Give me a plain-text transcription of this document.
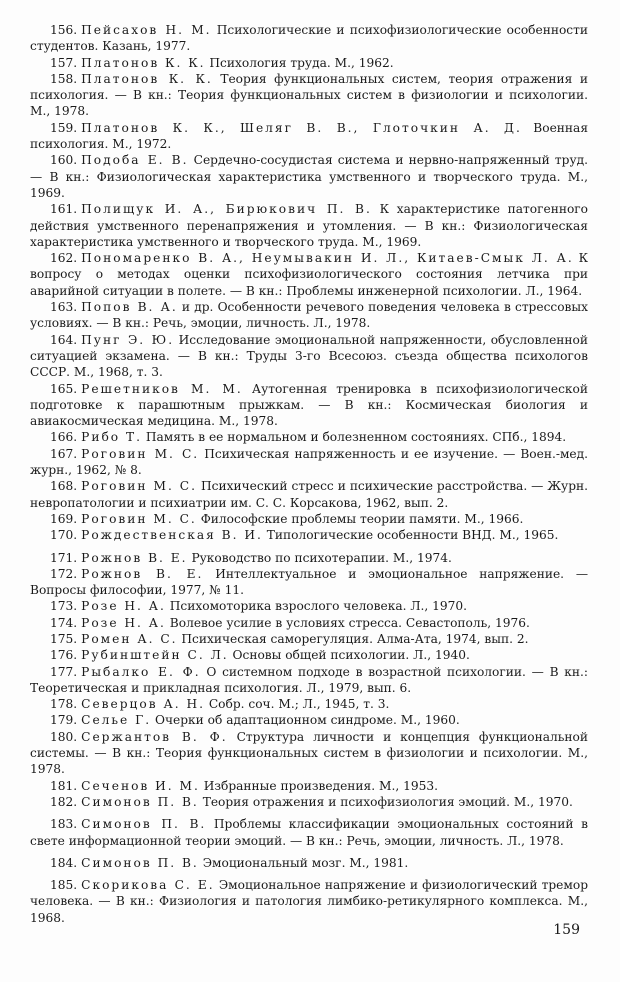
156. Пейсахов Н. М. Психологические и психофизиологические особенности студентов. Казань, 1977.

157. Платонов К. К. Психология труда. М., 1962.

158. Платонов К. К. Теория функциональных систем, теория отражения и психология. — В кн.: Теория функциональных систем в физиологии и психологии. М., 1978.

159. Платонов К. К., Шеляг В. В., Глоточкин А. Д. Военная психология. М., 1972.

160. Подоба Е. В. Сердечно-сосудистая система и нервно-напряженный труд. — В кн.: Физиологическая характеристика умственного и творческого труда. М., 1969.

161. Полищук И. А., Бирюкович П. В. К характеристике патогенного действия умственного перенапряжения и утомления. — В кн.: Физиологическая характеристика умственного и творческого труда. М., 1969.

162. Пономаренко В. А., Неумывакин И. Л., Китаев-Смык Л. А. К вопросу о методах оценки психофизиологического состояния летчика при аварийной ситуации в полете. — В кн.: Проблемы инженерной психологии. Л., 1964.

163. Попов В. А. и др. Особенности речевого поведения человека в стрессовых условиях. — В кн.: Речь, эмоции, личность. Л., 1978.

164. Пунг Э. Ю. Исследование эмоциональной напряженности, обусловленной ситуацией экзамена. — В кн.: Труды 3-го Всесоюз. съезда общества психологов СССР. М., 1968, т. 3.

165. Решетников М. М. Аутогенная тренировка в психофизиологической подготовке к парашютным прыжкам. — В кн.: Космическая биология и авиакосмическая медицина. М., 1978.

166. Рибо Т. Память в ее нормальном и болезненном состояниях. СПб., 1894.

167. Роговин М. С. Психическая напряженность и ее изучение. — Воен.-мед. журн., 1962, № 8.

168. Роговин М. С. Психический стресс и психические расстройства. — Журн. невропатологии и психиатрии им. С. С. Корсакова, 1962, вып. 2.

169. Роговин М. С. Философские проблемы теории памяти. М., 1966.

170. Рождественская В. И. Типологические особенности ВНД. М., 1965.

171. Рожнов В. Е. Руководство по психотерапии. М., 1974.

172. Рожнов В. Е. Интеллектуальное и эмоциональное напряжение. — Вопросы философии, 1977, № 11.

173. Розе Н. А. Психомоторика взрослого человека. Л., 1970.

174. Розе Н. А. Волевое усилие в условиях стресса. Севастополь, 1976.

175. Ромен А. С. Психическая саморегуляция. Алма-Ата, 1974, вып. 2.

176. Рубинштейн С. Л. Основы общей психологии. Л., 1940.

177. Рыбалко Е. Ф. О системном подходе в возрастной психологии. — В кн.: Теоретическая и прикладная психология. Л., 1979, вып. 6.

178. Северцов А. Н. Собр. соч. М.; Л., 1945, т. 3.

179. Селье Г. Очерки об адаптационном синдроме. М., 1960.

180. Сержантов В. Ф. Структура личности и концепция функциональной системы. — В кн.: Теория функциональных систем в физиологии и психологии. М., 1978.

181. Сеченов И. М. Избранные произведения. М., 1953.

182. Симонов П. В. Теория отражения и психофизиология эмоций. М., 1970.

183. Симонов П. В. Проблемы классификации эмоциональных состояний в свете информационной теории эмоций. — В кн.: Речь, эмоции, личность. Л., 1978.

184. Симонов П. В. Эмоциональный мозг. М., 1981.

185. Скорикова С. Е. Эмоциональное напряжение и физиологический тремор человека. — В кн.: Физиология и патология лимбико-ретикулярного комплекса. М., 1968.

159
